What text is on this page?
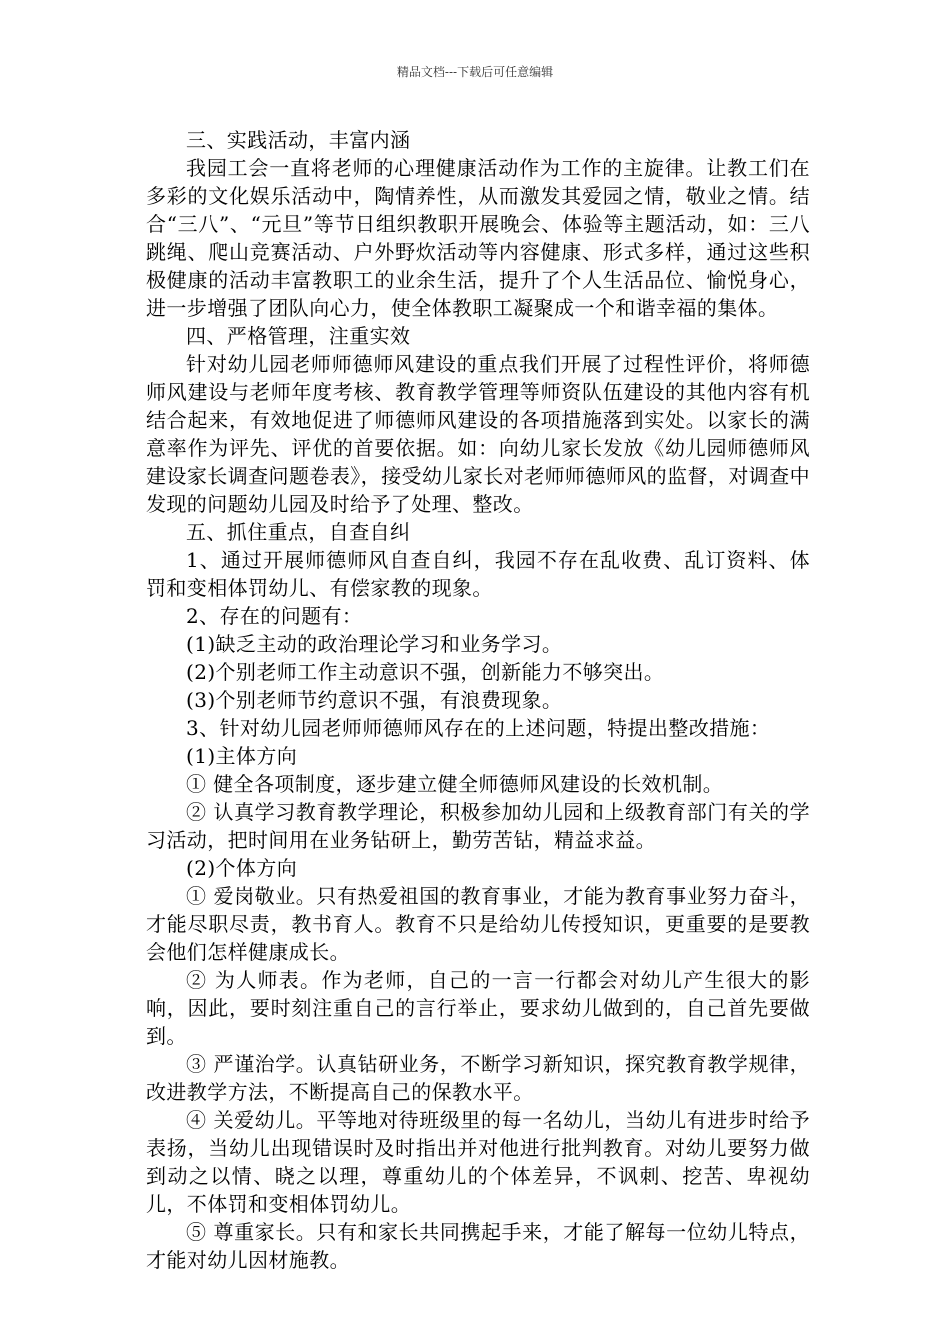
精品文档---下载后可任意编辑

三、实践活动，丰富内涵

我园工会一直将老师的心理健康活动作为工作的主旋律。让教工们在多彩的文化娱乐活动中，陶情养性，从而激发其爱园之情，敬业之情。结合“三八”、“元旦”等节日组织教职开展晚会、体验等主题活动，如：三八跳绳、爬山竞赛活动、户外野炊活动等内容健康、形式多样，通过这些积极健康的活动丰富教职工的业余生活，提升了个人生活品位、愉悦身心，进一步增强了团队向心力，使全体教职工凝聚成一个和谐幸福的集体。

四、严格管理，注重实效

针对幼儿园老师师德师风建设的重点我们开展了过程性评价，将师德师风建设与老师年度考核、教育教学管理等师资队伍建设的其他内容有机结合起来，有效地促进了师德师风建设的各项措施落到实处。以家长的满意率作为评先、评优的首要依据。如：向幼儿家长发放《幼儿园师德师风建设家长调查问题卷表》，接受幼儿家长对老师师德师风的监督，对调查中发现的问题幼儿园及时给予了处理、整改。

五、抓住重点，自查自纠

1、通过开展师德师风自查自纠，我园不存在乱收费、乱订资料、体罚和变相体罚幼儿、有偿家教的现象。

2、存在的问题有：

(1)缺乏主动的政治理论学习和业务学习。

(2)个别老师工作主动意识不强，创新能力不够突出。

(3)个别老师节约意识不强，有浪费现象。

3、针对幼儿园老师师德师风存在的上述问题，特提出整改措施：

(1)主体方向

① 健全各项制度，逐步建立健全师德师风建设的长效机制。

② 认真学习教育教学理论，积极参加幼儿园和上级教育部门有关的学习活动，把时间用在业务钻研上，勤劳苦钻，精益求益。

(2)个体方向

① 爱岗敬业。只有热爱祖国的教育事业，才能为教育事业努力奋斗，才能尽职尽责，教书育人。教育不只是给幼儿传授知识，更重要的是要教会他们怎样健康成长。

② 为人师表。作为老师，自己的一言一行都会对幼儿产生很大的影响，因此，要时刻注重自己的言行举止，要求幼儿做到的，自己首先要做到。

③ 严谨治学。认真钻研业务，不断学习新知识，探究教育教学规律，改进教学方法，不断提高自己的保教水平。

④ 关爱幼儿。平等地对待班级里的每一名幼儿，当幼儿有进步时给予表扬，当幼儿出现错误时及时指出并对他进行批判教育。对幼儿要努力做到动之以情、晓之以理，尊重幼儿的个体差异，不讽刺、挖苦、卑视幼儿，不体罚和变相体罚幼儿。

⑤ 尊重家长。只有和家长共同携起手来，才能了解每一位幼儿特点，才能对幼儿因材施教。
